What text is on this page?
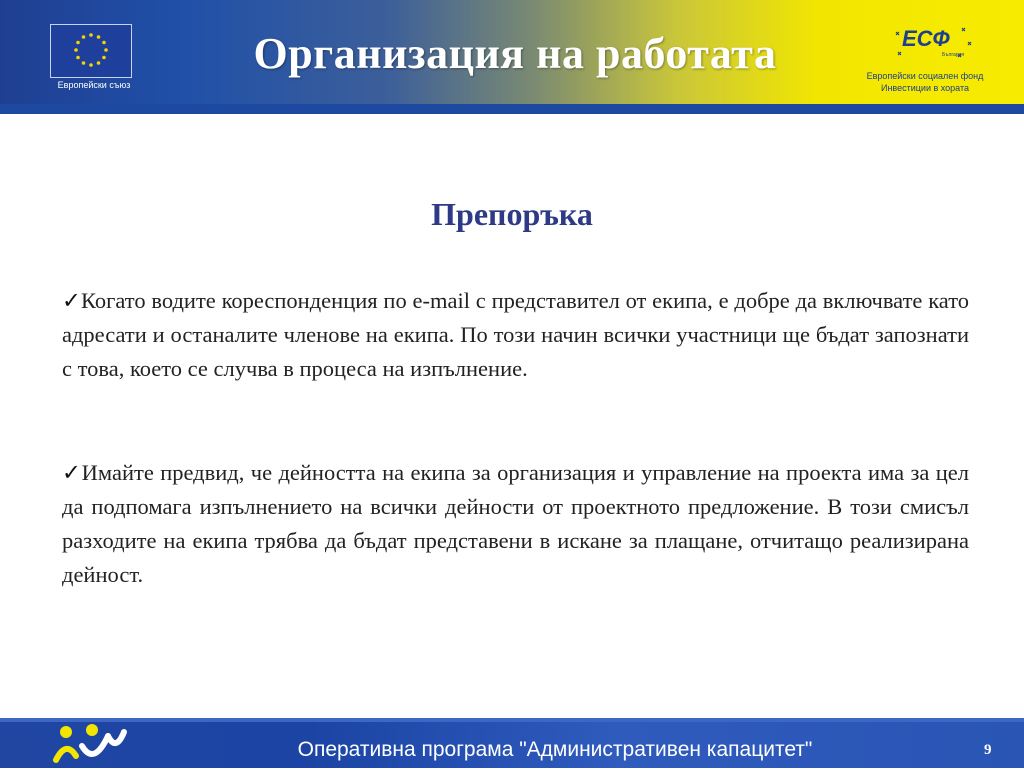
Европейски съюз
Организация на работата	ЕСФ
България
Европейски социален фонд
Инвестиции в хората
Препоръка
✓Когато водите кореспонденция по e-mail с представител от екипа, е добре да включвате като адресати и останалите членове на екипа. По този начин всички участници ще бъдат запознати с това, което се случва в процеса на изпълнение.
✓Имайте предвид, че дейността на екипа за организация и управление на проекта има за цел да подпомага изпълнението на всички дейности от проектното предложение. В този смисъл разходите на екипа трябва да бъдат представени в искане за плащане, отчитащо реализирана дейност.
Оперативна програма "Административен капацитет"	9
